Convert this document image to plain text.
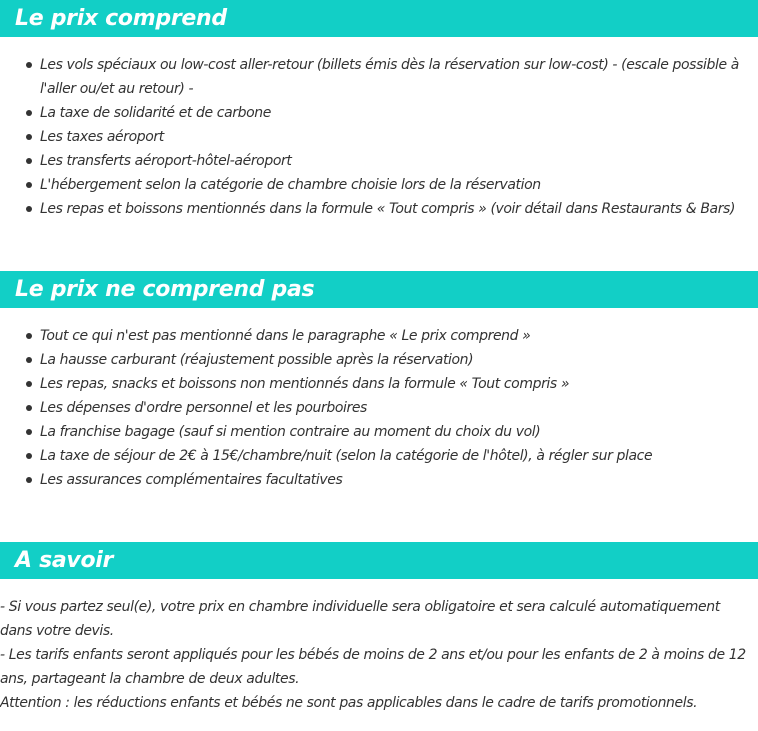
Le prix comprend
Les vols spéciaux ou low-cost aller-retour (billets émis dès la réservation sur low-cost) - (escale possible à l'aller ou/et au retour) -
La taxe de solidarité et de carbone
Les taxes aéroport
Les transferts aéroport-hôtel-aéroport
L'hébergement selon la catégorie de chambre choisie lors de la réservation
Les repas et boissons mentionnés dans la formule « Tout compris » (voir détail dans Restaurants & Bars)
Le prix ne comprend pas
Tout ce qui n'est pas mentionné dans le paragraphe « Le prix comprend »
La hausse carburant (réajustement possible après la réservation)
Les repas, snacks et boissons non mentionnés dans la formule « Tout compris »
Les dépenses d'ordre personnel et les pourboires
La franchise bagage (sauf si mention contraire au moment du choix du vol)
La taxe de séjour de 2€ à 15€/chambre/nuit (selon la catégorie de l'hôtel), à régler sur place
Les assurances complémentaires facultatives
A savoir

- Si vous partez seul(e), votre prix en chambre individuelle sera obligatoire et sera calculé automatiquement dans votre devis.

- Les tarifs enfants seront appliqués pour les bébés de moins de 2 ans et/ou pour les enfants de 2 à moins de 12 ans, partageant la chambre de deux adultes.

Attention : les réductions enfants et bébés ne sont pas applicables dans le cadre de tarifs promotionnels.
